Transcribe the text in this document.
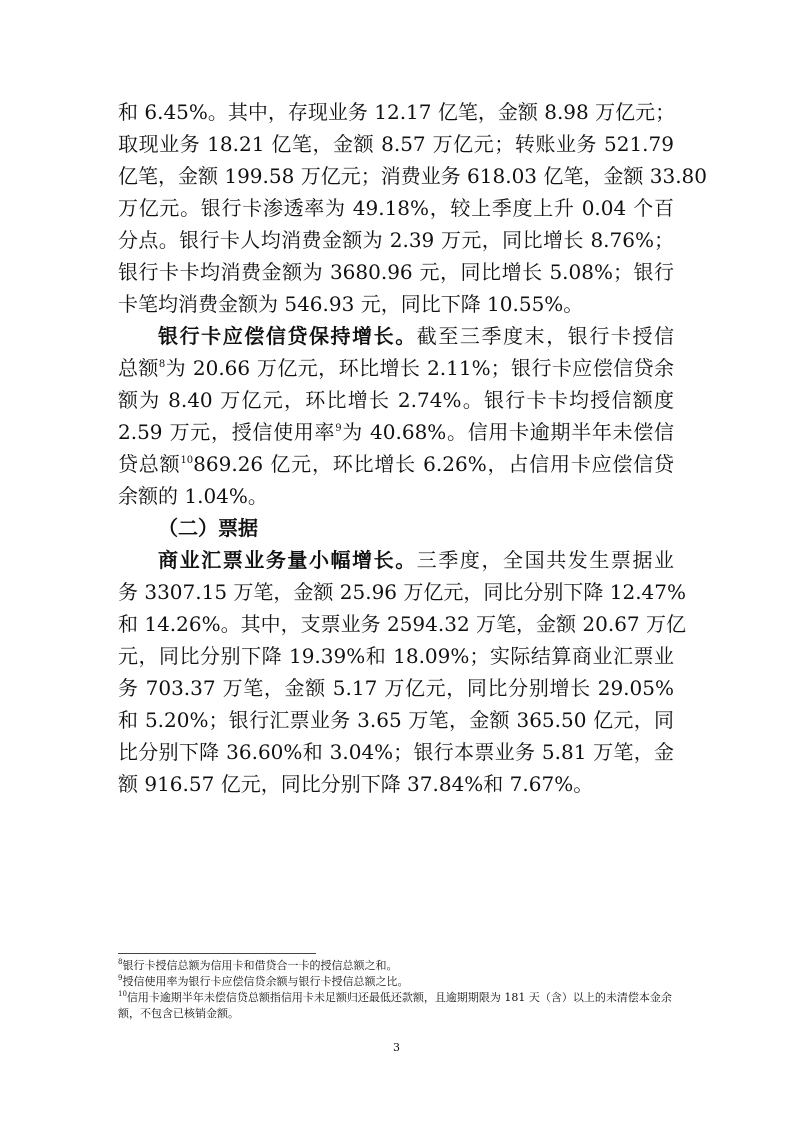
和 6.45%。其中，存现业务 12.17 亿笔，金额 8.98 万亿元；
取现业务 18.21 亿笔，金额 8.57 万亿元；转账业务 521.79
亿笔，金额 199.58 万亿元；消费业务 618.03 亿笔，金额 33.80
万亿元。银行卡渗透率为 49.18%，较上季度上升 0.04 个百
分点。银行卡人均消费金额为 2.39 万元，同比增长 8.76%；
银行卡卡均消费金额为 3680.96 元，同比增长 5.08%；银行
卡笔均消费金额为 546.93 元，同比下降 10.55%。
银行卡应偿信贷保持增长。截至三季度末，银行卡授信
总额$^8$为 20.66 万亿元，环比增长 2.11%；银行卡应偿信贷余
额为 8.40 万亿元，环比增长 2.74%。银行卡卡均授信额度
2.59 万元，授信使用率$^9$为 40.68%。信用卡逾期半年未偿信
贷总额$^{10}$869.26 亿元，环比增长 6.26%，占信用卡应偿信贷
余额的 1.04%。
（二）票据
商业汇票业务量小幅增长。三季度，全国共发生票据业
务 3307.15 万笔，金额 25.96 万亿元，同比分别下降 12.47%
和 14.26%。其中，支票业务 2594.32 万笔，金额 20.67 万亿
元，同比分别下降 19.39%和 18.09%；实际结算商业汇票业
务 703.37 万笔，金额 5.17 万亿元，同比分别增长 29.05%
和 5.20%；银行汇票业务 3.65 万笔，金额 365.50 亿元，同
比分别下降 36.60%和 3.04%；银行本票业务 5.81 万笔，金
额 916.57 亿元，同比分别下降 37.84%和 7.67%。
$^8$银行卡授信总额为信用卡和借贷合一卡的授信总额之和。
$^9$授信使用率为银行卡应偿信贷余额与银行卡授信总额之比。
$^{10}$信用卡逾期半年未偿信贷总额指信用卡未足额归还最低还款额，且逾期期限为 181 天（含）以上的未清偿本金余额，不包含已核销金额。
3
